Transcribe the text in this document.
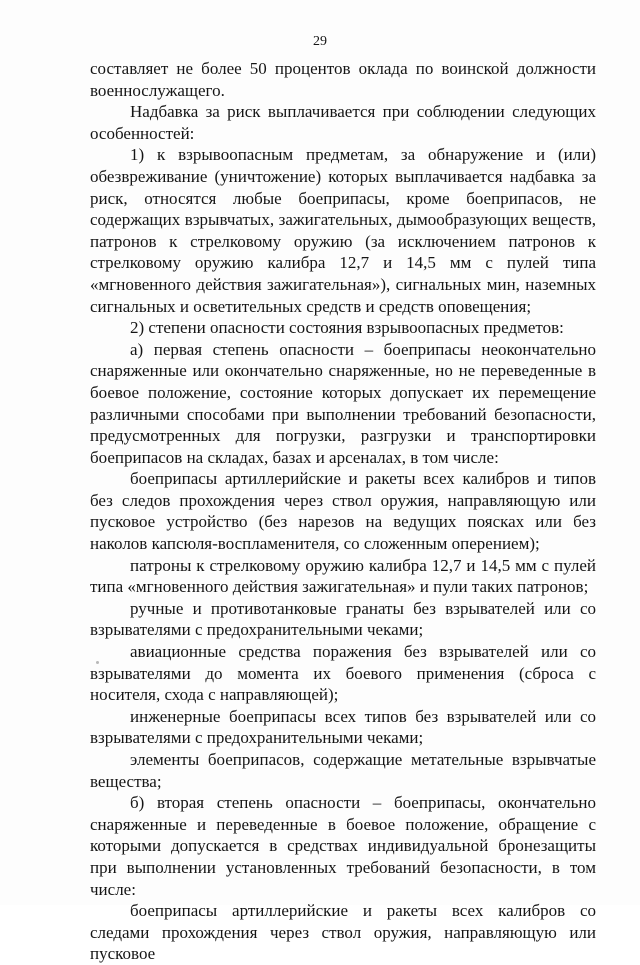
29

составляет не более 50 процентов оклада по воинской должности военнослужащего.

Надбавка за риск выплачивается при соблюдении следующих особенностей:

1) к взрывоопасным предметам, за обнаружение и (или) обезвреживание (уничтожение) которых выплачивается надбавка за риск, относятся любые боеприпасы, кроме боеприпасов, не содержащих взрывчатых, зажигательных, дымообразующих веществ, патронов к стрелковому оружию (за исключением патронов к стрелковому оружию калибра 12,7 и 14,5 мм с пулей типа «мгновенного действия зажигательная»), сигнальных мин, наземных сигнальных и осветительных средств и средств оповещения;

2) степени опасности состояния взрывоопасных предметов:

а) первая степень опасности – боеприпасы неокончательно снаряженные или окончательно снаряженные, но не переведенные в боевое положение, состояние которых допускает их перемещение различными способами при выполнении требований безопасности, предусмотренных для погрузки, разгрузки и транспортировки боеприпасов на складах, базах и арсеналах, в том числе:

боеприпасы артиллерийские и ракеты всех калибров и типов без следов прохождения через ствол оружия, направляющую или пусковое устройство (без нарезов на ведущих поясках или без наколов капсюля-воспламенителя, со сложенным оперением);

патроны к стрелковому оружию калибра 12,7 и 14,5 мм с пулей типа «мгновенного действия зажигательная» и пули таких патронов;

ручные и противотанковые гранаты без взрывателей или со взрывателями с предохранительными чеками;

авиационные средства поражения без взрывателей или со взрывателями до момента их боевого применения (сброса с носителя, схода с направляющей);

инженерные боеприпасы всех типов без взрывателей или со взрывателями с предохранительными чеками;

элементы боеприпасов, содержащие метательные взрывчатые вещества;

б) вторая степень опасности – боеприпасы, окончательно снаряженные и переведенные в боевое положение, обращение с которыми допускается в средствах индивидуальной бронезащиты при выполнении установленных требований безопасности, в том числе:

боеприпасы артиллерийские и ракеты всех калибров со следами прохождения через ствол оружия, направляющую или пусковое
